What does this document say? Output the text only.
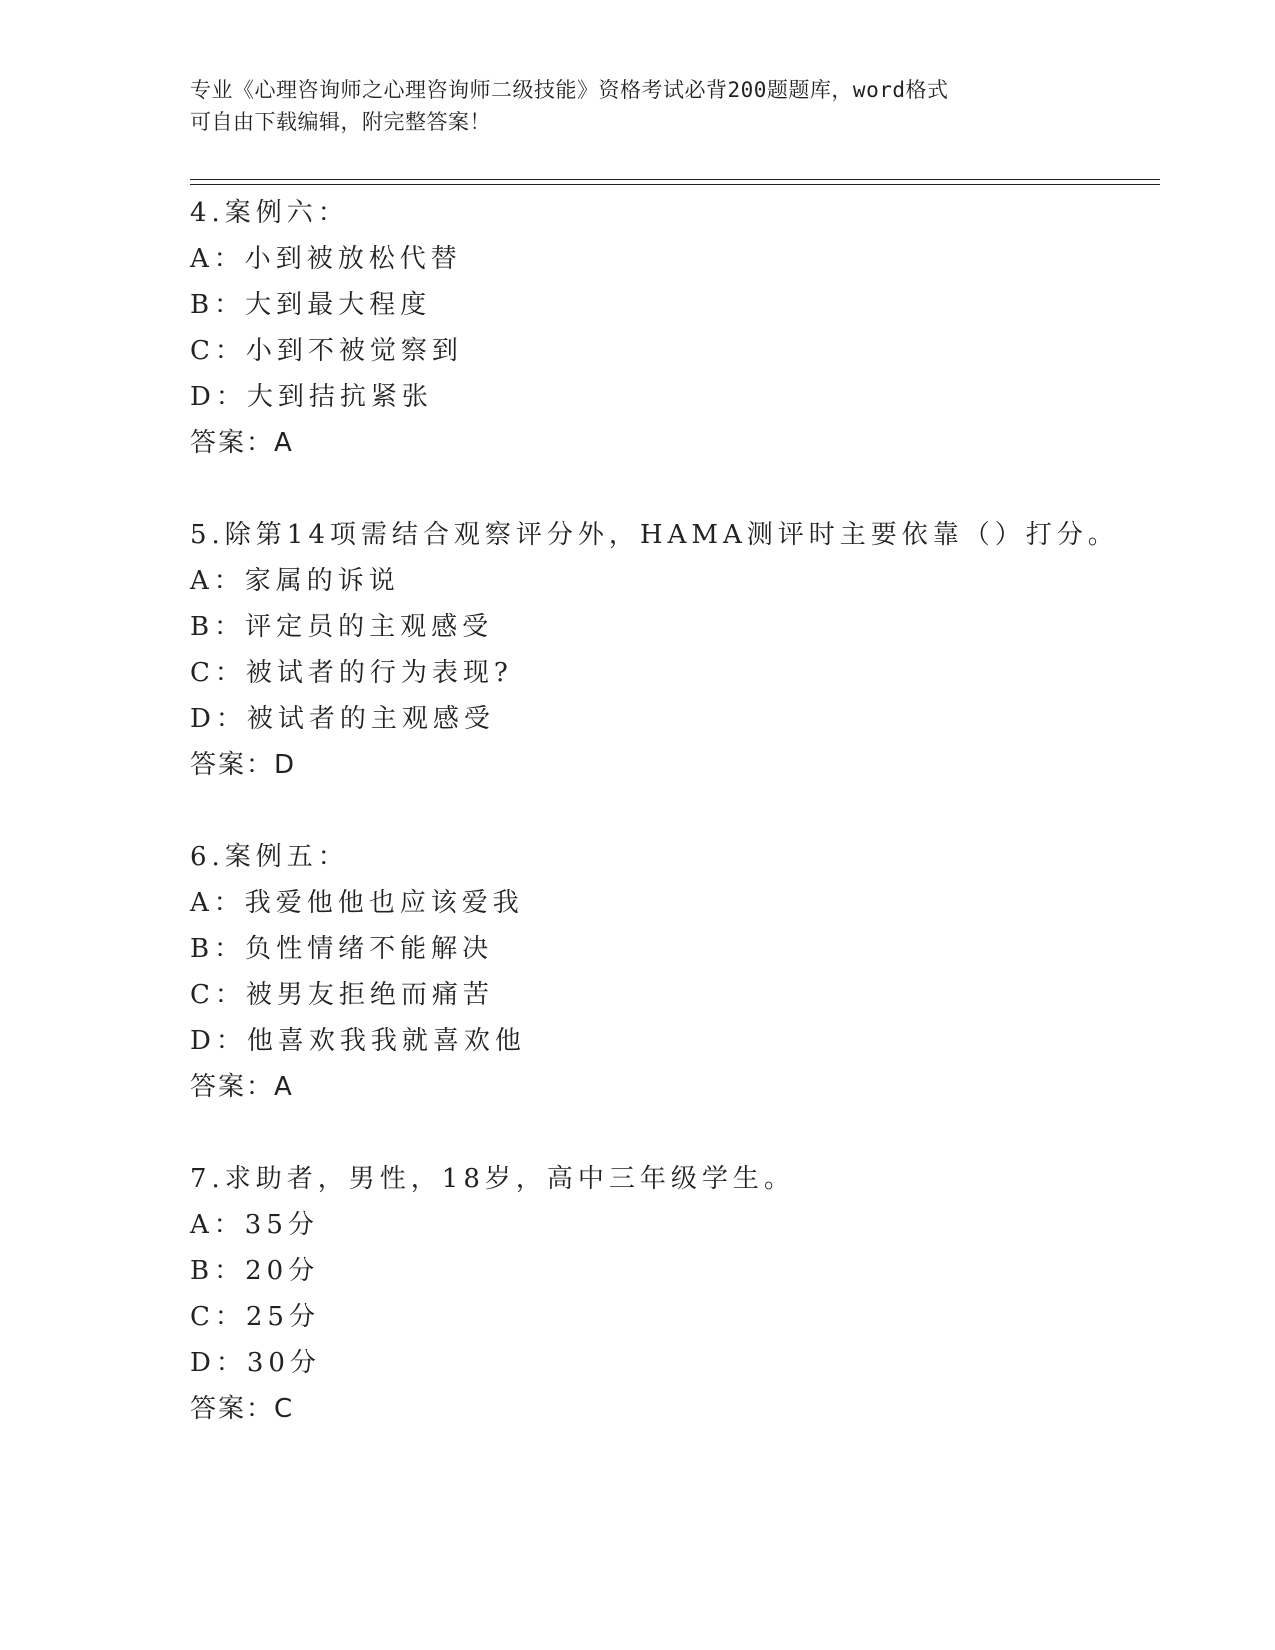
专业《心理咨询师之心理咨询师二级技能》资格考试必背200题题库，word格式
可自由下载编辑，附完整答案！
4.案例六：
A：小到被放松代替
B：大到最大程度
C：小到不被觉察到
D：大到拮抗紧张
答案：A
5.除第14项需结合观察评分外，HAMA测评时主要依靠（）打分。
A：家属的诉说
B：评定员的主观感受
C：被试者的行为表现?
D：被试者的主观感受
答案：D
6.案例五：
A：我爱他他也应该爱我
B：负性情绪不能解决
C：被男友拒绝而痛苦
D：他喜欢我我就喜欢他
答案：A
7.求助者，男性，18岁，高中三年级学生。
A：35分
B：20分
C：25分
D：30分
答案：C
